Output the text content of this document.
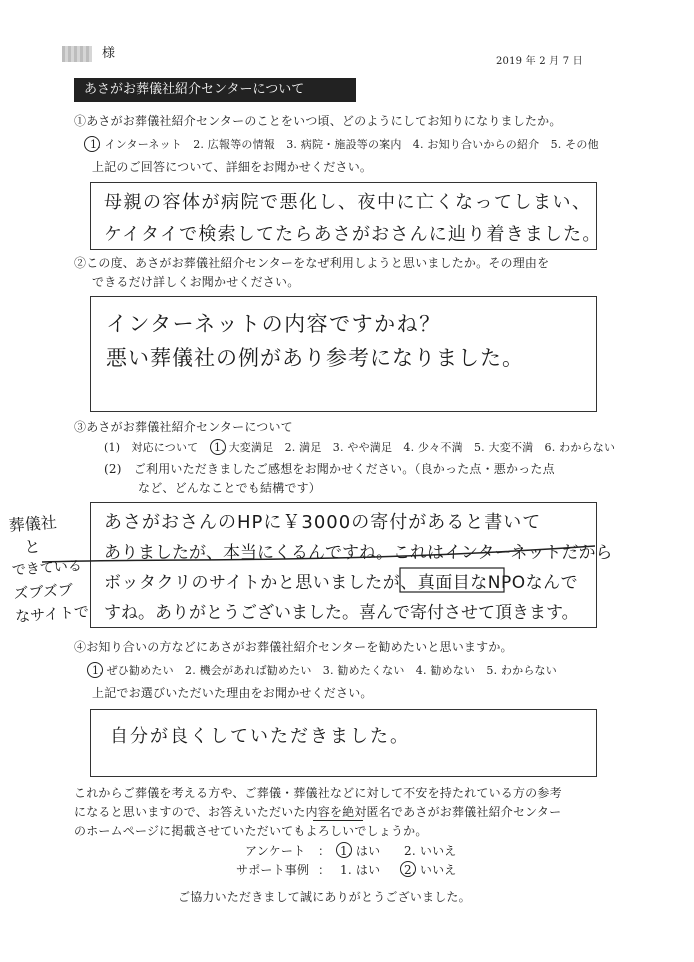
様
2019 年 2 月 7 日
あさがお葬儀社紹介センターについて
①あさがお葬儀社紹介センターのことをいつ頃、どのようにしてお知りになりましたか。
1. インターネット　2. 広報等の情報　3. 病院・施設等の案内　4. お知り合いからの紹介　5. その他
上記のご回答について、詳細をお聞かせください。
母親の容体が病院で悪化し、夜中に亡くなってしまい、
ケイタイで検索してたらあさがおさんに辿り着きました。
②この度、あさがお葬儀社紹介センターをなぜ利用しようと思いましたか。その理由を
できるだけ詳しくお聞かせください。
インターネットの内容ですかね？
悪い葬儀社の例があり参考になりました。
③あさがお葬儀社紹介センターについて
(1)　対応について 1. 大変満足　2. 満足　3. やや満足　4. 少々不満　5. 大変不満　6. わからない
(2)　ご利用いただきましたご感想をお聞かせください。（良かった点・悪かった点
など、どんなことでも結構です）
あさがおさんのHPに￥3000の寄付があると書いて
ありましたが、本当にくるんですね。これはインターネットだから
ボッタクリのサイトかと思いましたが、真面目なNPOなんで
すね。ありがとうございました。喜んで寄付させて頂きます。
葬儀社
と
できている
ズブズブ
なサイトで
④お知り合いの方などにあさがお葬儀社紹介センターを勧めたいと思いますか。
1. ぜひ勧めたい　2. 機会があれば勧めたい　3. 勧めたくない　4. 勧めない　5. わからない
上記でお選びいただいた理由をお聞かせください。
自分が良くしていただきました。
これからご葬儀を考える方や、ご葬儀・葬儀社などに対して不安を持たれている方の参考
になると思いますので、お答えいただいた内容を絶対匿名であさがお葬儀社紹介センター
のホームページに掲載させていただいてもよろしいでしょうか。
アンケート ： 1. はい 2. いいえ
サポート事例 ： 1. はい 2. いいえ
ご協力いただきまして誠にありがとうございました。
